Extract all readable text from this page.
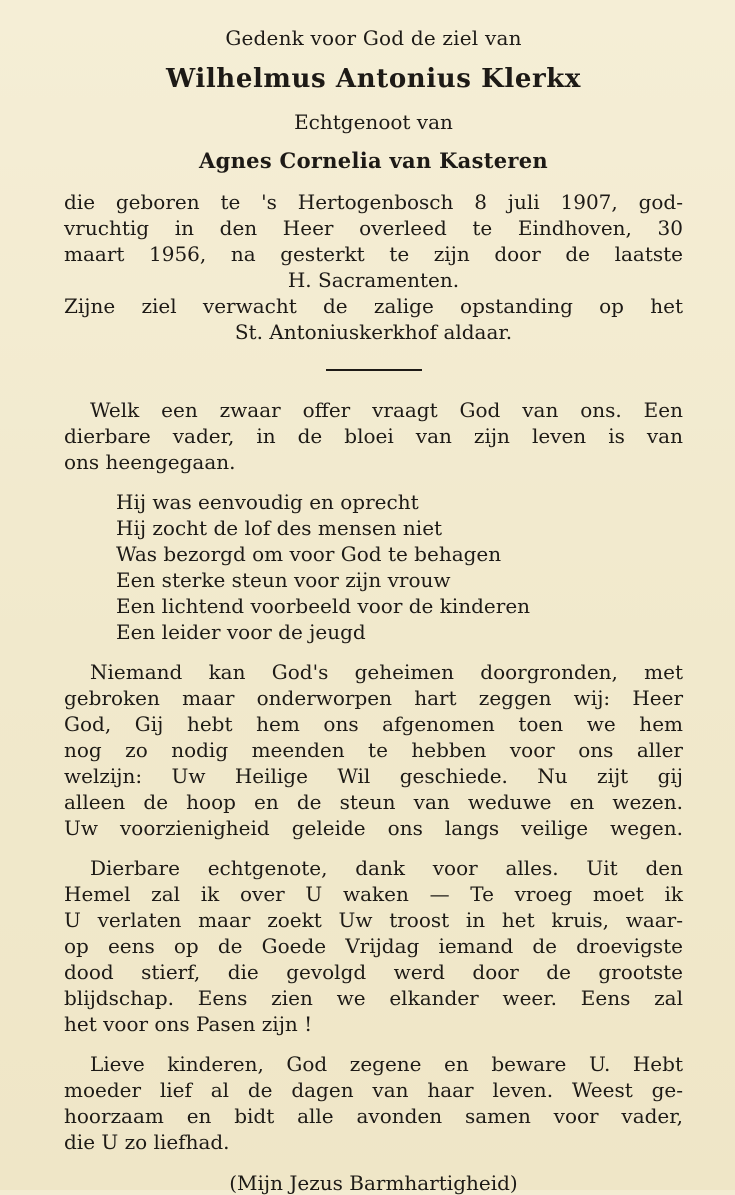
Gedenk voor God de ziel van

Wilhelmus Antonius Klerkx

Echtgenoot van

Agnes Cornelia van Kasteren

die geboren te 's Hertogenbosch 8 juli 1907, god-

vruchtig in den Heer overleed te Eindhoven, 30

maart 1956, na gesterkt te zijn door de laatste

H. Sacramenten.

Zijne ziel verwacht de zalige opstanding op het

St. Antoniuskerkhof aldaar.

Welk een zwaar offer vraagt God van ons. Een

dierbare vader, in de bloei van zijn leven is van

ons heengegaan.

Hij was eenvoudig en oprecht

Hij zocht de lof des mensen niet

Was bezorgd om voor God te behagen

Een sterke steun voor zijn vrouw

Een lichtend voorbeeld voor de kinderen

Een leider voor de jeugd

Niemand kan God's geheimen doorgronden, met

gebroken maar onderworpen hart zeggen wij: Heer

God, Gij hebt hem ons afgenomen toen we hem

nog zo nodig meenden te hebben voor ons aller

welzijn: Uw Heilige Wil geschiede. Nu zijt gij

alleen de hoop en de steun van weduwe en wezen.

Uw voorzienigheid geleide ons langs veilige wegen.

Dierbare echtgenote, dank voor alles. Uit den

Hemel zal ik over U waken — Te vroeg moet ik

U verlaten maar zoekt Uw troost in het kruis, waar-

op eens op de Goede Vrijdag iemand de droevigste

dood stierf, die gevolgd werd door de grootste

blijdschap. Eens zien we elkander weer. Eens zal

het voor ons Pasen zijn !

Lieve kinderen, God zegene en beware U. Hebt

moeder lief al de dagen van haar leven. Weest ge-

hoorzaam en bidt alle avonden samen voor vader,

die U zo liefhad.

(Mijn Jezus Barmhartigheid)
